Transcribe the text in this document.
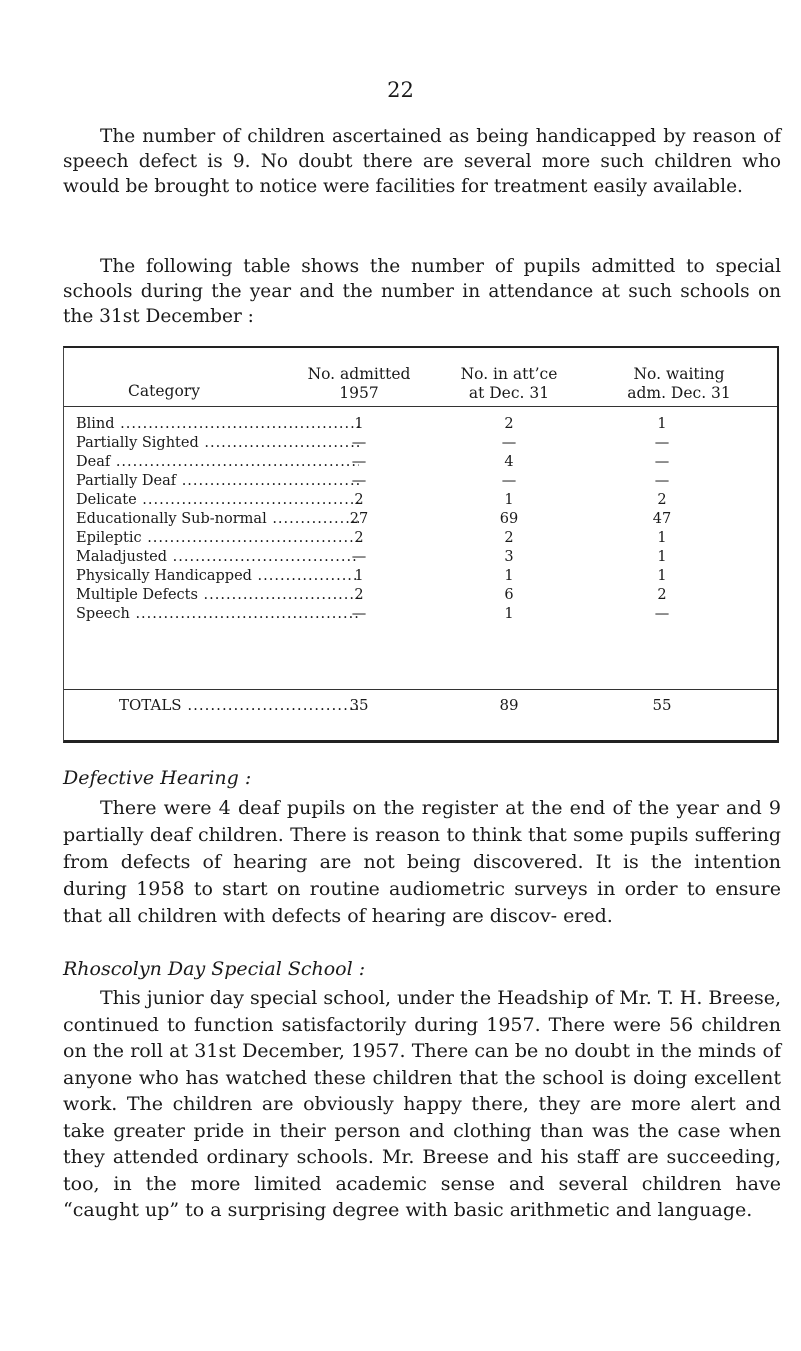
22

The number of children ascertained as being handicapped by reason of speech defect is 9. No doubt there are several more such children who would be brought to notice were facilities for treatment easily available.

The following table shows the number of pupils admitted to special schools during the year and the number in attendance at such schools on the 31st December :

Category
No. admitted
1957
No. in att’ce
at Dec. 31
No. waiting
adm. Dec. 31
Blind .....	1	2	1
Partially Sighted .....	—	—	—
Deaf .....	—	4	—
Partially Deaf .....	—	—	—
Delicate .....	2	1	2
Educationally Sub-normal .....	27	69	47
Epileptic .....	2	2	1
Maladjusted .....	—	3	1
Physically Handicapped .....	1	1	1
Multiple Defects .....	2	6	2
Speech .....	—	1	—
TOTALS .....	35	89	55

Defective Hearing :

There were 4 deaf pupils on the register at the end of the year and 9 partially deaf children. There is reason to think that some pupils suffering from defects of hearing are not being discovered. It is the intention during 1958 to start on routine audiometric surveys in order to ensure that all children with defects of hearing are discov- ered.

Rhoscolyn Day Special School :

This junior day special school, under the Headship of Mr. T. H. Breese, continued to function satisfactorily during 1957. There were 56 children on the roll at 31st December, 1957. There can be no doubt in the minds of anyone who has watched these children that the school is doing excellent work. The children are obviously happy there, they are more alert and take greater pride in their person and clothing than was the case when they attended ordinary schools. Mr. Breese and his staff are succeeding, too, in the more limited academic sense and several children have “caught up” to a surprising degree with basic arithmetic and language.
